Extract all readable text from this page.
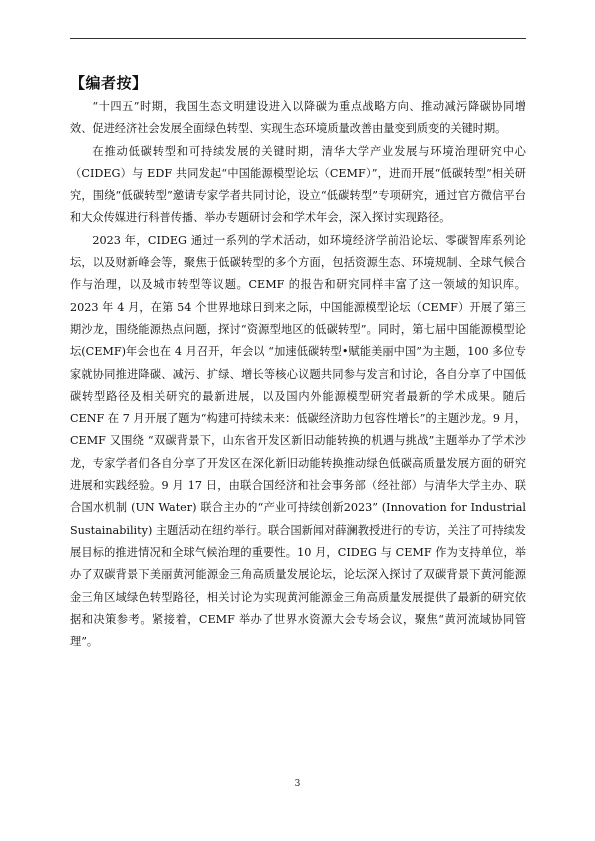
【编者按】

“十四五”时期，我国生态文明建设进入以降碳为重点战略方向、推动减污降碳协同增效、促进经济社会发展全面绿色转型、实现生态环境质量改善由量变到质变的关键时期。

在推动低碳转型和可持续发展的关键时期，清华大学产业发展与环境治理研究中心（CIDEG）与 EDF 共同发起“中国能源模型论坛（CEMF）”，进而开展“低碳转型”相关研究，围绕“低碳转型”邀请专家学者共同讨论，设立“低碳转型”专项研究，通过官方微信平台和大众传媒进行科普传播、举办专题研讨会和学术年会，深入探讨实现路径。

2023 年，CIDEG 通过一系列的学术活动，如环境经济学前沿论坛、零碳智库系列论坛，以及财新峰会等，聚焦于低碳转型的多个方面，包括资源生态、环境规制、全球气候合作与治理，以及城市转型等议题。CEMF 的报告和研究同样丰富了这一领域的知识库。2023 年 4 月，在第 54 个世界地球日到来之际，中国能源模型论坛（CEMF）开展了第三期沙龙，围绕能源热点问题，探讨“资源型地区的低碳转型”。同时，第七届中国能源模型论坛(CEMF)年会也在 4 月召开，年会以 “加速低碳转型•赋能美丽中国”为主题，100 多位专家就协同推进降碳、减污、扩绿、增长等核心议题共同参与发言和讨论，各自分享了中国低碳转型路径及相关研究的最新进展，以及国内外能源模型研究者最新的学术成果。随后 CENF 在 7 月开展了题为“构建可持续未来：低碳经济助力包容性增长”的主题沙龙。9 月，CEMF 又围绕 “双碳背景下，山东省开发区新旧动能转换的机遇与挑战”主题举办了学术沙龙，专家学者们各自分享了开发区在深化新旧动能转换推动绿色低碳高质量发展方面的研究进展和实践经验。9 月 17 日，由联合国经济和社会事务部（经社部）与清华大学主办、联合国水机制 (UN Water) 联合主办的“产业可持续创新2023” (Innovation for Industrial Sustainability) 主题活动在纽约举行。联合国新闻对薛澜教授进行的专访，关注了可持续发展目标的推进情况和全球气候治理的重要性。10 月，CIDEG 与 CEMF 作为支持单位，举办了双碳背景下美丽黄河能源金三角高质量发展论坛，论坛深入探讨了双碳背景下黄河能源金三角区域绿色转型路径，相关讨论为实现黄河能源金三角高质量发展提供了最新的研究依据和决策参考。紧接着，CEMF 举办了世界水资源大会专场会议，聚焦“黄河流域协同管理”。

3
